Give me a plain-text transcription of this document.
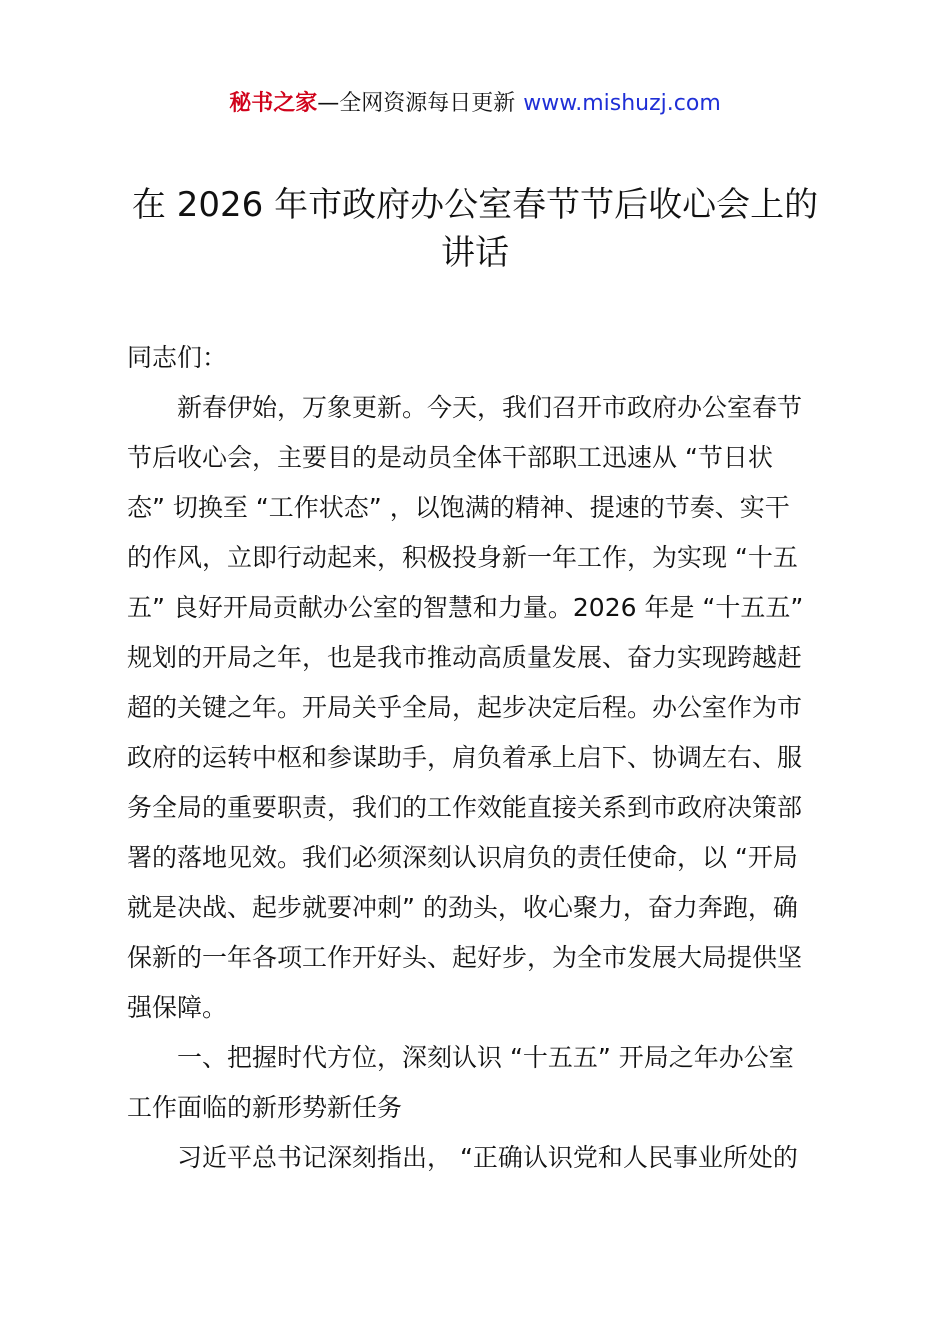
秘书之家—全网资源每日更新 www.mishuzj.com
在 2026 年市政府办公室春节节后收心会上的
讲话
同志们：
新春伊始，万象更新。今天，我们召开市政府办公室春节
节后收心会，主要目的是动员全体干部职工迅速从 “节日状
态” 切换至 “工作状态” ，以饱满的精神、提速的节奏、实干
的作风，立即行动起来，积极投身新一年工作，为实现 “十五
五” 良好开局贡献办公室的智慧和力量。2026 年是 “十五五”
规划的开局之年，也是我市推动高质量发展、奋力实现跨越赶
超的关键之年。开局关乎全局，起步决定后程。办公室作为市
政府的运转中枢和参谋助手，肩负着承上启下、协调左右、服
务全局的重要职责，我们的工作效能直接关系到市政府决策部
署的落地见效。我们必须深刻认识肩负的责任使命，以 “开局
就是决战、起步就要冲刺” 的劲头，收心聚力，奋力奔跑，确
保新的一年各项工作开好头、起好步，为全市发展大局提供坚
强保障。
一、把握时代方位，深刻认识 “十五五” 开局之年办公室
工作面临的新形势新任务
习近平总书记深刻指出， “正确认识党和人民事业所处的
